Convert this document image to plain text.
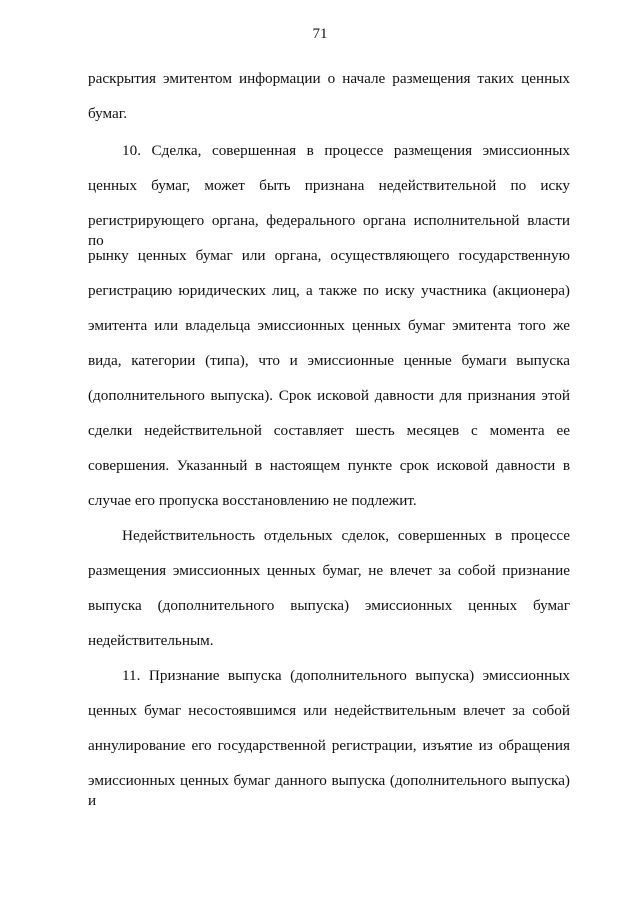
71
раскрытия эмитентом информации о начале размещения таких ценных
бумаг.
10. Сделка, совершенная в процессе размещения эмиссионных
ценных бумаг, может быть признана недействительной по иску
регистрирующего органа, федерального органа исполнительной власти по
рынку ценных бумаг или органа, осуществляющего государственную
регистрацию юридических лиц, а также по иску участника (акционера)
эмитента или владельца эмиссионных ценных бумаг эмитента того же
вида, категории (типа), что и эмиссионные ценные бумаги выпуска
(дополнительного выпуска). Срок исковой давности для признания этой
сделки недействительной составляет шесть месяцев с момента ее
совершения. Указанный в настоящем пункте срок исковой давности в
случае его пропуска восстановлению не подлежит.
Недействительность отдельных сделок, совершенных в процессе
размещения эмиссионных ценных бумаг, не влечет за собой признание
выпуска (дополнительного выпуска) эмиссионных ценных бумаг
недействительным.
11. Признание выпуска (дополнительного выпуска) эмиссионных
ценных бумаг несостоявшимся или недействительным влечет за собой
аннулирование его государственной регистрации, изъятие из обращения
эмиссионных ценных бумаг данного выпуска (дополнительного выпуска) и
